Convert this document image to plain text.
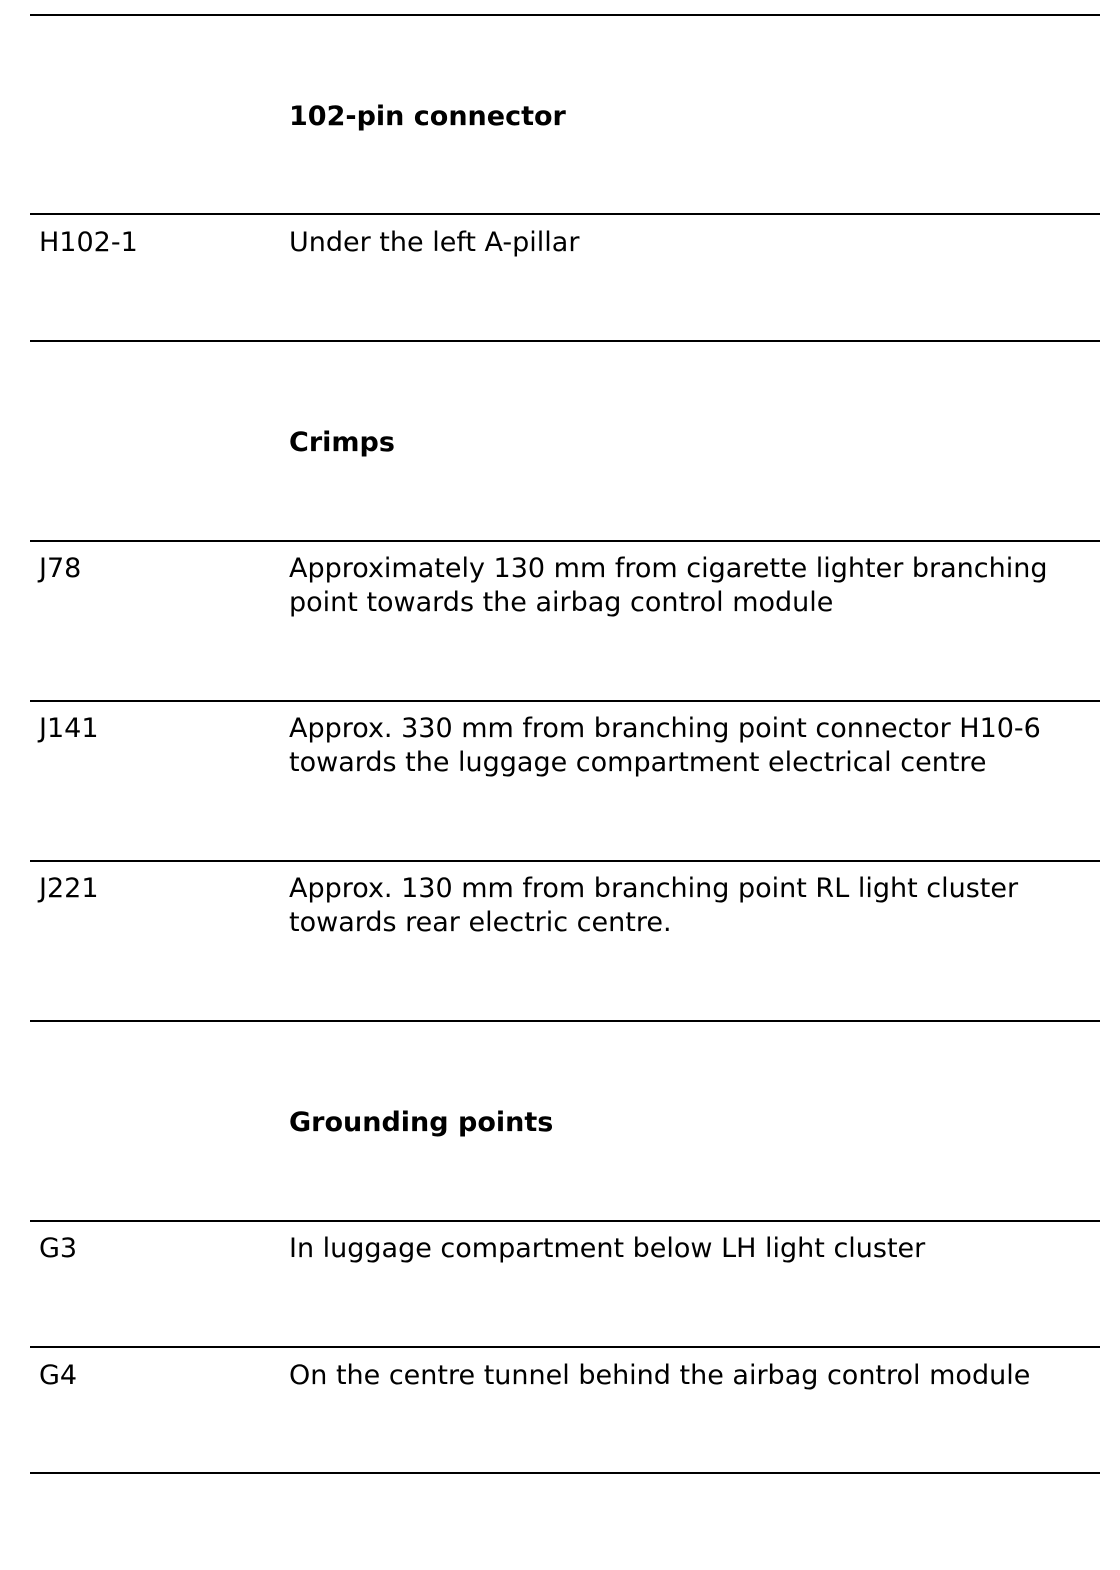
102-pin connector
H102-1	Under the left A-pillar
Crimps
J78	Approximately 130 mm from cigarette lighter branching
point towards the airbag control module
J141	Approx. 330 mm from branching point connector H10-6
towards the luggage compartment electrical centre
J221	Approx. 130 mm from branching point RL light cluster
towards rear electric centre.
Grounding points
G3	In luggage compartment below LH light cluster
G4	On the centre tunnel behind the airbag control module
